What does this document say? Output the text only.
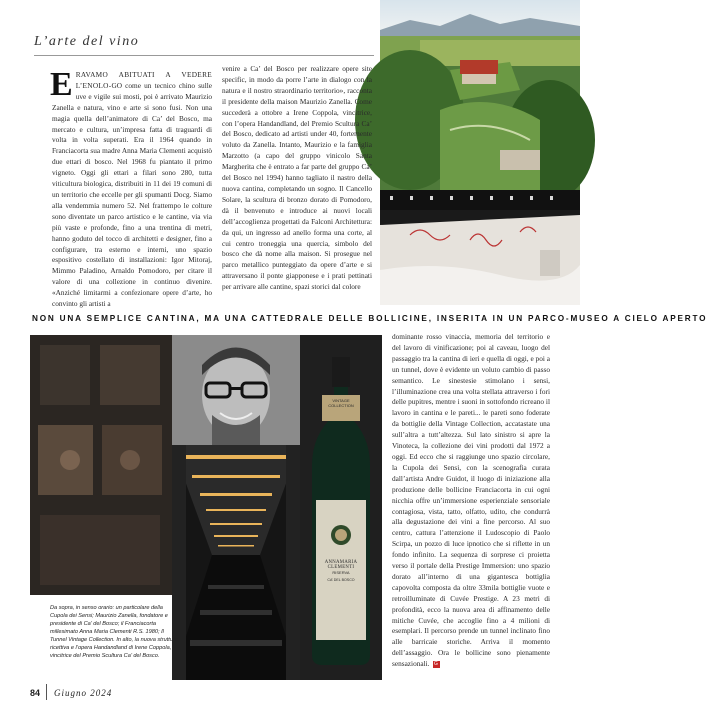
L’arte del vino
NON UNA SEMPLICE CANTINA, MA UNA CATTEDRALE DELLE BOLLICINE, INSERITA IN UN PARCO-MUSEO A CIELO APERTO
VINTAGE COLLECTION
ANNAMARIA CLEMENTI
RISERVA
CA’ DEL BOSCO
ERAVAMO ABITUATI A VEDERE L’ENOLO-GO come un tecnico chino sulle uve e vigile sui mosti, poi è arrivato Maurizio Zanella e natura, vino e arte si sono fusi. Non una magia quella dell’animatore di Ca’ del Bosco, ma mercato e cultura, un’impresa fatta di traguardi di volta in volta superati. Era il 1964 quando in Franciacorta sua madre Anna Maria Clementi acquistò due ettari di bosco. Nel 1968 fu piantato il primo vigneto. Oggi gli ettari a filari sono 280, tutta viticultura biologica, distribuiti in 11 dei 19 comuni di un territorio che eccelle per gli spumanti Docg. Siamo alla vendemmia numero 52. Nel frattempo le colture sono diventate un parco artistico e le cantine, via via più vaste e profonde, fino a una trentina di metri, hanno goduto del tocco di architetti e designer, fino a configurare, tra esterno e interni, uno spazio espositivo costellato di installazioni: Igor Mitoraj, Mimmo Paladino, Arnaldo Pomodoro, per citare il valore di una collezione in continuo divenire. «Anziché limitarmi a confezionare opere d’arte, ho convinto gli artisti a
venire a Ca’ del Bosco per realizzare opere site specific, in modo da porre l’arte in dialogo con la natura e il nostro straordinario territorio», racconta il presidente della maison Maurizio Zanella. Come succederà a ottobre a Irene Coppola, vincitrice, con l’opera Handandland, del Premio Scultura Ca’ del Bosco, dedicato ad artisti under 40, fortemente voluto da Zanella. Intanto, Maurizio e la famiglia Marzotto (a capo del gruppo vinicolo Santa Margherita che è entrato a far parte del gruppo Ca’ del Bosco nel 1994) hanno tagliato il nastro della nuova cantina, completando un sogno. Il Cancello Solare, la scultura di bronzo dorato di Pomodoro, dà il benvenuto e introduce ai nuovi locali dell’accoglienza progettati da Falconi Architettura: da qui, un ingresso ad anello forma una corte, al cui centro troneggia una quercia, simbolo del bosco che dà nome alla maison. Si prosegue nel parco metallico punteggiato da opere d’arte e si attraversano il ponte giapponese e i prati pettinati per arrivare alle cantine, spazi storici dal colore
dominante rosso vinaccia, memoria del territorio e del lavoro di vinificazione; poi al caveau, luogo del passaggio tra la cantina di ieri e quella di oggi, e poi a un tunnel, dove è evidente un voluto cambio di passo semantico. Le sinestesie stimolano i sensi, l’illuminazione crea una volta stellata attraverso i fori delle pupitres, mentre i suoni in sottofondo ricreano il lavoro in cantina e le pareti... le pareti sono foderate da bottiglie della Vintage Collection, accatastate una sull’altra a tutt’altezza. Sul lato sinistro si apre la Vinoteca, la collezione dei vini prodotti dal 1972 a oggi. Ed ecco che si raggiunge uno spazio circolare, la Cupola dei Sensi, con la scenografia curata dall’artista Andre Guidot, il luogo di iniziazione alla produzione delle bollicine Franciacorta in cui ogni nicchia offre un’immersione esperienziale sensoriale contagiosa, vista, tatto, olfatto, udito, che condurrà alla degustazione dei vini a fine percorso. Al suo centro, cattura l’attenzione il Ludoscopio di Paolo Scirpa, un pozzo di luce ipnotico che si riflette in un fondo infinito. La sequenza di sorprese ci proietta verso il portale della Prestige Immersion: uno spazio dorato all’interno di una gigantesca bottiglia capovolta composta da oltre 33mila bottiglie vuote e retroilluminate di Cuvée Prestige. A 23 metri di profondità, ecco la nuova area di affinamento delle mitiche Cuvée, che accoglie fino a 4 milioni di esemplari. Il percorso prende un tunnel inclinato fino alle barricaie storiche. Arriva il momento dell’assaggio. Ora le bollicine sono pienamente sensazionali. G
Da sopra, in senso orario: un particolare della Cupola dei Sensi; Maurizio Zanella, fondatore e presidente di Ca’ del Bosco; il Franciacorta millesimato Anna Maria Clementi R.S. 1980; Il Tunnel Vintage Collection. In alto, la nuova struttura ricettiva e l’opera Handandland di Irene Coppola, vincitrice del Premio Scultura Ca’ del Bosco.
84 Giugno 2024
